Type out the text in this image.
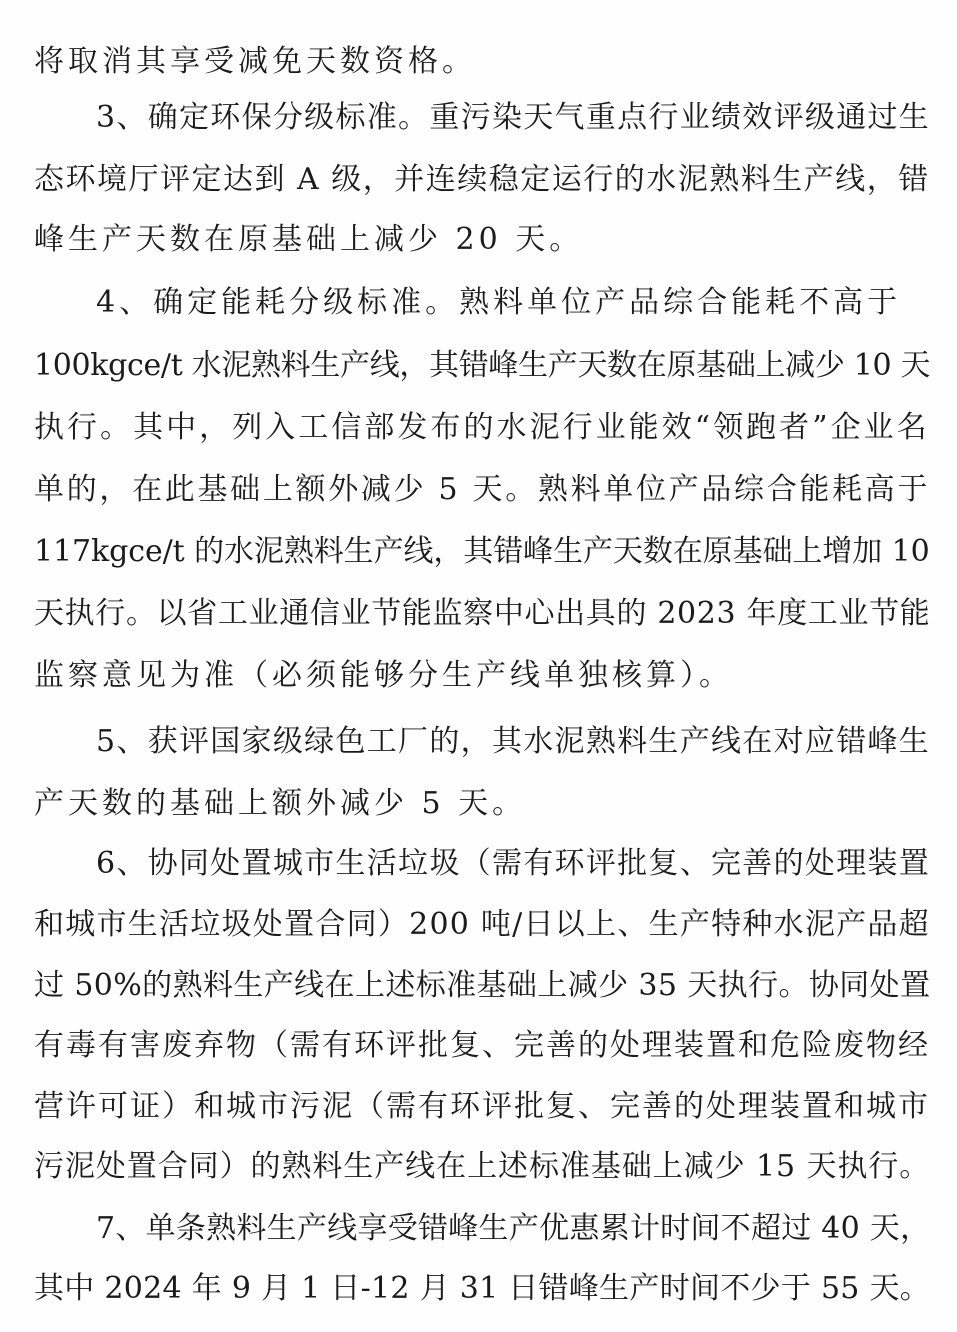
将取消其享受减免天数资格。
3、确定环保分级标准。重污染天气重点行业绩效评级通过生
态环境厅评定达到 A 级，并连续稳定运行的水泥熟料生产线，错
峰生产天数在原基础上减少 20 天。
4、确定能耗分级标准。熟料单位产品综合能耗不高于
100kgce/t 水泥熟料生产线，其错峰生产天数在原基础上减少 10 天
执行。其中，列入工信部发布的水泥行业能效“领跑者”企业名
单的，在此基础上额外减少 5 天。熟料单位产品综合能耗高于
117kgce/t 的水泥熟料生产线，其错峰生产天数在原基础上增加 10
天执行。以省工业通信业节能监察中心出具的 2023 年度工业节能
监察意见为准（必须能够分生产线单独核算）。
5、获评国家级绿色工厂的，其水泥熟料生产线在对应错峰生
产天数的基础上额外减少 5 天。
6、协同处置城市生活垃圾（需有环评批复、完善的处理装置
和城市生活垃圾处置合同）200 吨/日以上、生产特种水泥产品超
过 50%的熟料生产线在上述标准基础上减少 35 天执行。协同处置
有毒有害废弃物（需有环评批复、完善的处理装置和危险废物经
营许可证）和城市污泥（需有环评批复、完善的处理装置和城市
污泥处置合同）的熟料生产线在上述标准基础上减少 15 天执行。
7、单条熟料生产线享受错峰生产优惠累计时间不超过 40 天，
其中 2024 年 9 月 1 日-12 月 31 日错峰生产时间不少于 55 天。
